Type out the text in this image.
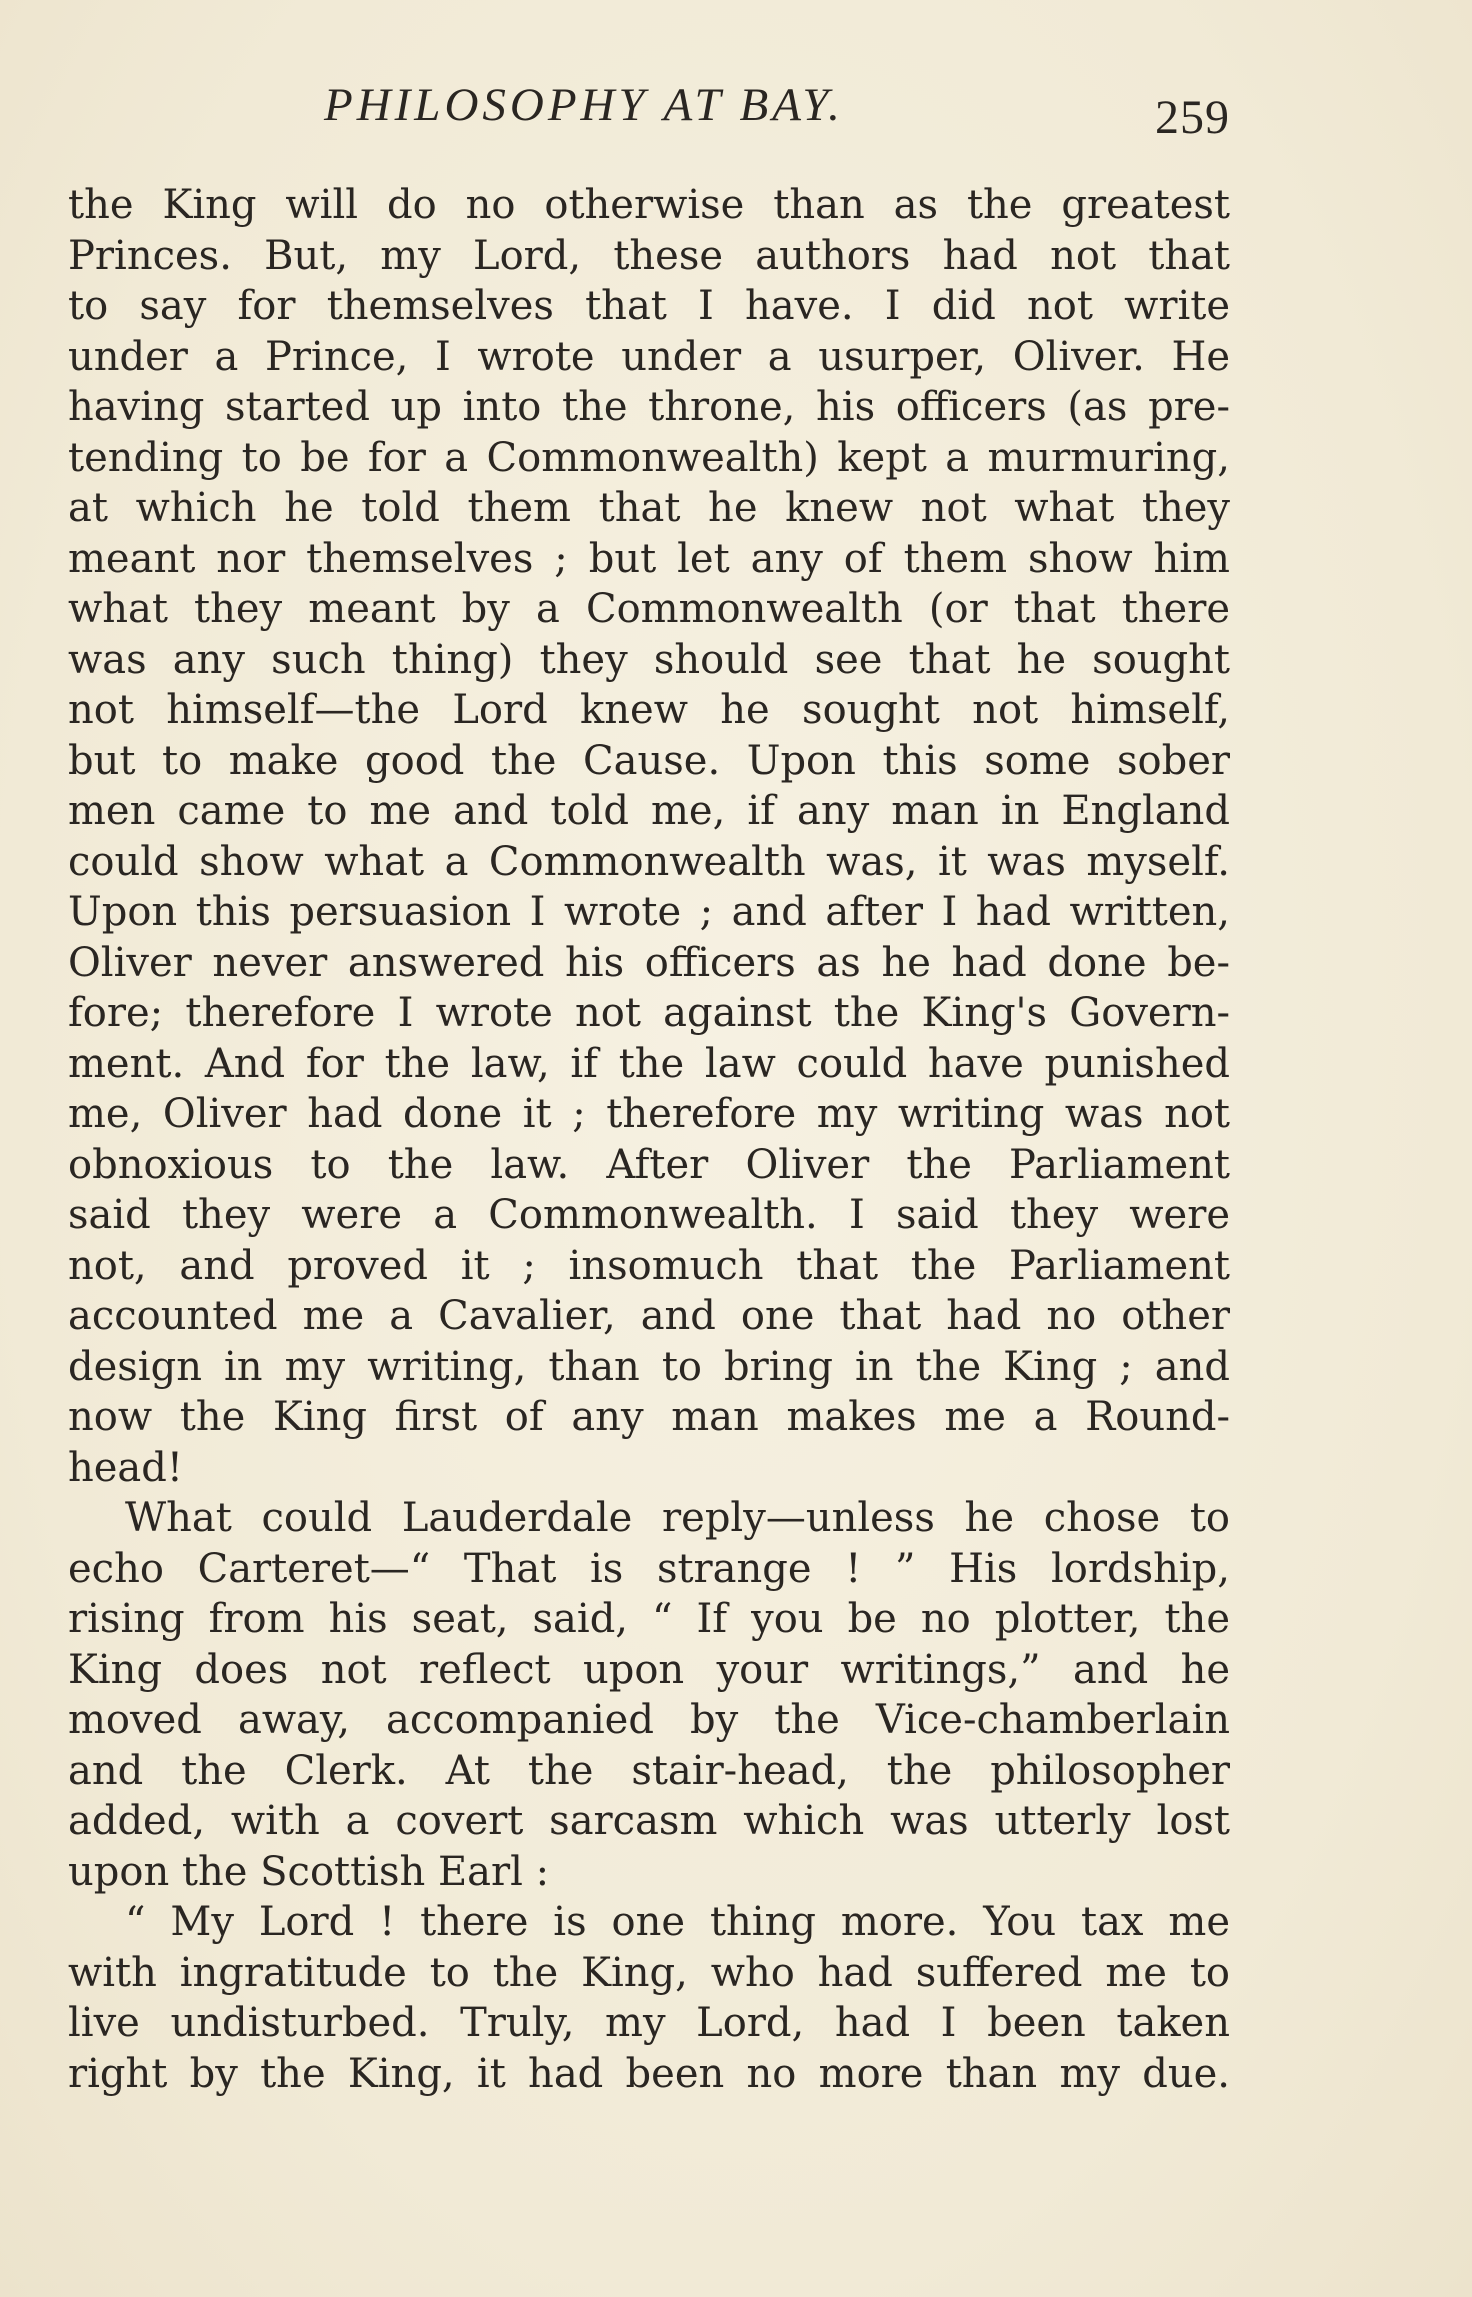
PHILOSOPHY AT BAY.	259
the King will do no otherwise than as the greatest
Princes. But, my Lord, these authors had not that
to say for themselves that I have. I did not write
under a Prince, I wrote under a usurper, Oliver. He
having started up into the throne, his officers (as pre-
tending to be for a Commonwealth) kept a murmuring,
at which he told them that he knew not what they
meant nor themselves ; but let any of them show him
what they meant by a Commonwealth (or that there
was any such thing) they should see that he sought
not himself—the Lord knew he sought not himself,
but to make good the Cause. Upon this some sober
men came to me and told me, if any man in England
could show what a Commonwealth was, it was myself.
Upon this persuasion I wrote ; and after I had written,
Oliver never answered his officers as he had done be-
fore; therefore I wrote not against the King's Govern-
ment. And for the law, if the law could have punished
me, Oliver had done it ; therefore my writing was not
obnoxious to the law. After Oliver the Parliament
said they were a Commonwealth. I said they were
not, and proved it ; insomuch that the Parliament
accounted me a Cavalier, and one that had no other
design in my writing, than to bring in the King ; and
now the King first of any man makes me a Round-
head!
What could Lauderdale reply—unless he chose to
echo Carteret—“ That is strange ! ” His lordship,
rising from his seat, said, “ If you be no plotter, the
King does not reflect upon your writings,” and he
moved away, accompanied by the Vice-chamberlain
and the Clerk. At the stair-head, the philosopher
added, with a covert sarcasm which was utterly lost
upon the Scottish Earl :
“ My Lord ! there is one thing more. You tax me
with ingratitude to the King, who had suffered me to
live undisturbed. Truly, my Lord, had I been taken
right by the King, it had been no more than my due.
